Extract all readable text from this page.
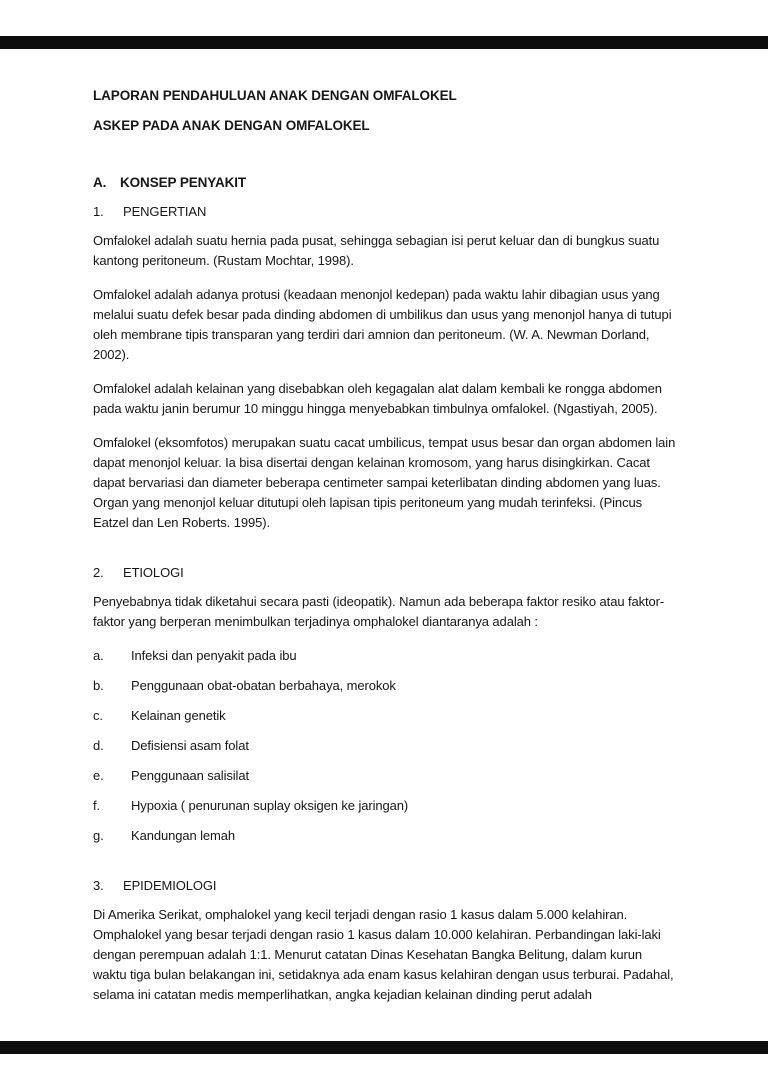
LAPORAN PENDAHULUAN ANAK DENGAN OMFALOKEL
ASKEP PADA ANAK DENGAN OMFALOKEL
A.	KONSEP PENYAKIT
1.	PENGERTIAN

Omfalokel adalah suatu hernia pada pusat, sehingga sebagian isi perut keluar dan di bungkus suatu kantong peritoneum. (Rustam Mochtar, 1998).

Omfalokel adalah adanya protusi (keadaan menonjol kedepan) pada waktu lahir dibagian usus yang melalui suatu defek besar pada dinding abdomen di umbilikus dan usus yang menonjol hanya di tutupi oleh membrane tipis transparan yang terdiri dari amnion dan peritoneum. (W. A. Newman Dorland, 2002).

Omfalokel adalah kelainan yang disebabkan oleh kegagalan alat dalam kembali ke rongga abdomen pada waktu janin berumur 10 minggu hingga menyebabkan timbulnya omfalokel. (Ngastiyah, 2005).

Omfalokel (eksomfotos) merupakan suatu cacat umbilicus, tempat usus besar dan organ abdomen lain dapat menonjol keluar. Ia bisa disertai dengan kelainan kromosom, yang harus disingkirkan. Cacat dapat bervariasi dan diameter beberapa centimeter sampai keterlibatan dinding abdomen yang luas. Organ yang menonjol keluar ditutupi oleh lapisan tipis peritoneum yang mudah terinfeksi. (Pincus Eatzel dan Len Roberts. 1995).

2.	ETIOLOGI

Penyebabnya tidak diketahui secara pasti (ideopatik). Namun ada beberapa faktor resiko atau faktor-faktor yang berperan menimbulkan terjadinya omphalokel diantaranya adalah :

a.	Infeksi dan penyakit pada ibu
b.	Penggunaan obat-obatan berbahaya, merokok
c.	Kelainan genetik
d.	Defisiensi asam folat
e.	Penggunaan salisilat
f.	Hypoxia ( penurunan suplay oksigen ke jaringan)
g.	Kandungan lemah
3.	EPIDEMIOLOGI

Di Amerika Serikat, omphalokel yang kecil terjadi dengan rasio 1 kasus dalam 5.000 kelahiran. Omphalokel yang besar terjadi dengan rasio 1 kasus dalam 10.000 kelahiran. Perbandingan laki-laki dengan perempuan adalah 1:1. Menurut catatan Dinas Kesehatan Bangka Belitung, dalam kurun waktu tiga bulan belakangan ini, setidaknya ada enam kasus kelahiran dengan usus terburai. Padahal, selama ini catatan medis memperlihatkan, angka kejadian kelainan dinding perut adalah
